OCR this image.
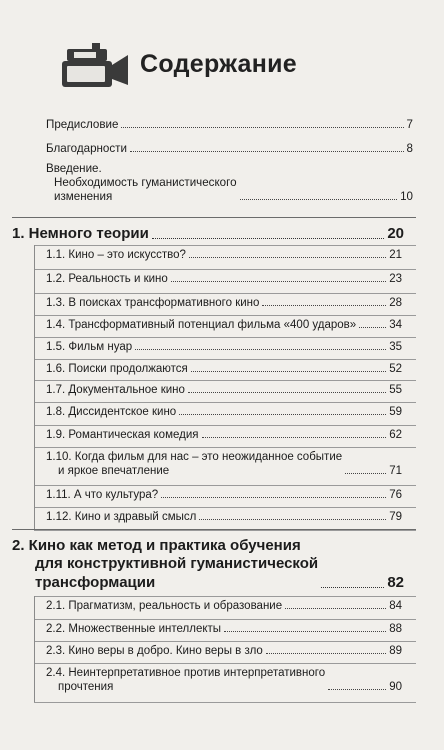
Содержание
Предисловие	7
Благодарности	8
Введение.
Необходимость гуманистического
изменения	10
1. Немного теории	20
1.1. Кино – это искусство?	21
1.2. Реальность и кино	23
1.3. В поисках трансформативного кино	28
1.4. Трансформативный потенциал фильма «400 ударов»	34
1.5. Фильм нуар	35
1.6. Поиски продолжаются	52
1.7. Документальное кино	55
1.8. Диссидентское кино	59
1.9. Романтическая комедия	62
1.10. Когда фильм для нас – это неожиданное событие
и яркое впечатление	71
1.11. А что культура?	76
1.12. Кино и здравый смысл	79
2. Кино как метод и практика обучения
для конструктивной гуманистической
трансформации	82
2.1. Прагматизм, реальность и образование	84
2.2. Множественные интеллекты	88
2.3. Кино веры в добро. Кино веры в зло	89
2.4. Неинтерпретативное против интерпретативного
прочтения	90
